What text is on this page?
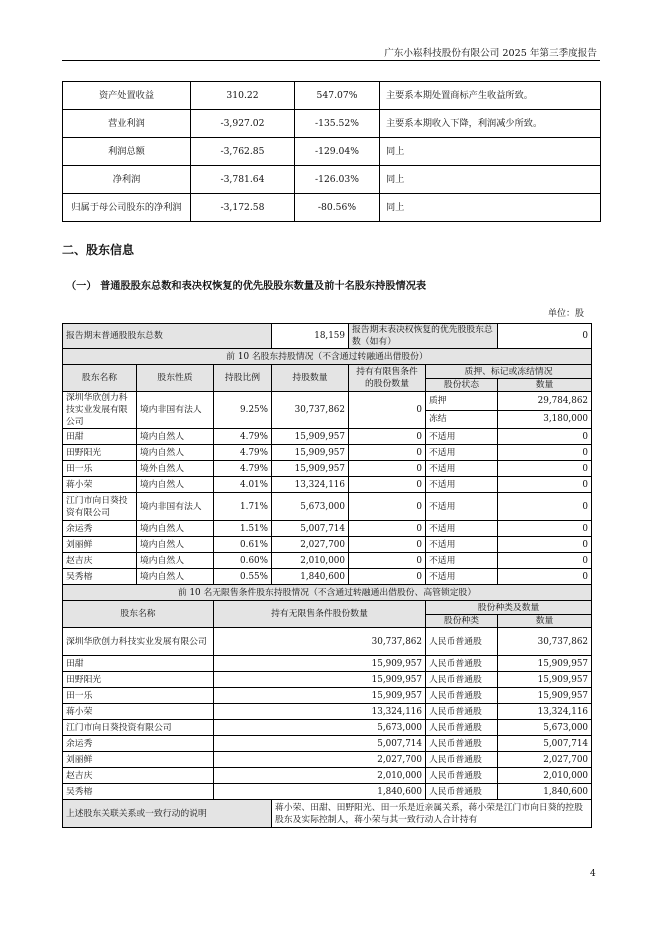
广东小崧科技股份有限公司 2025 年第三季度报告
资产处置收益	310.22	547.07%	主要系本期处置商标产生收益所致。
营业利润	-3,927.02	-135.52%	主要系本期收入下降，利润减少所致。
利润总额	-3,762.85	-129.04%	同上
净利润	-3,781.64	-126.03%	同上
归属于母公司股东的净利润	-3,172.58	-80.56%	同上
二、股东信息
（一） 普通股股东总数和表决权恢复的优先股股东数量及前十名股东持股情况表
单位：股
报告期末普通股股东总数			18,159	报告期末表决权恢复的优先股股东总数（如有）		0
前 10 名股东持股情况（不含通过转融通出借股份）						
股东名称	股东性质	持股比例	持股数量	持有有限售条件的股份数量	质押、标记或冻结情况	
					股份状态	数量
深圳华欣创力科技实业发展有限公司	境内非国有法人	9.25%	30,737,862	0	质押	29,784,862
					冻结	3,180,000
田甜	境内自然人	4.79%	15,909,957	0	不适用	0
田野阳光	境内自然人	4.79%	15,909,957	0	不适用	0
田一乐	境外自然人	4.79%	15,909,957	0	不适用	0
蒋小荣	境内自然人	4.01%	13,324,116	0	不适用	0
江门市向日葵投资有限公司	境内非国有法人	1.71%	5,673,000	0	不适用	0
余运秀	境内自然人	1.51%	5,007,714	0	不适用	0
刘丽鲜	境内自然人	0.61%	2,027,700	0	不适用	0
赵吉庆	境内自然人	0.60%	2,010,000	0	不适用	0
吴秀榕	境内自然人	0.55%	1,840,600	0	不适用	0
前 10 名无限售条件股东持股情况（不含通过转融通出借股份、高管锁定股）						
股东名称		持有无限售条件股份数量			股份种类及数量	
					股份种类	数量
深圳华欣创力科技实业发展有限公司		30,737,862			人民币普通股	30,737,862
田甜		15,909,957			人民币普通股	15,909,957
田野阳光		15,909,957			人民币普通股	15,909,957
田一乐		15,909,957			人民币普通股	15,909,957
蒋小荣		13,324,116			人民币普通股	13,324,116
江门市向日葵投资有限公司		5,673,000			人民币普通股	5,673,000
余运秀		5,007,714			人民币普通股	5,007,714
刘丽鲜		2,027,700			人民币普通股	2,027,700
赵吉庆		2,010,000			人民币普通股	2,010,000
吴秀榕		1,840,600			人民币普通股	1,840,600
上述股东关联关系或一致行动的说明			蒋小荣、田甜、田野阳光、田一乐是近亲属关系，蒋小荣是江门市向日葵的控股股东及实际控制人，蒋小荣与其一致行动人合计持有			
4
